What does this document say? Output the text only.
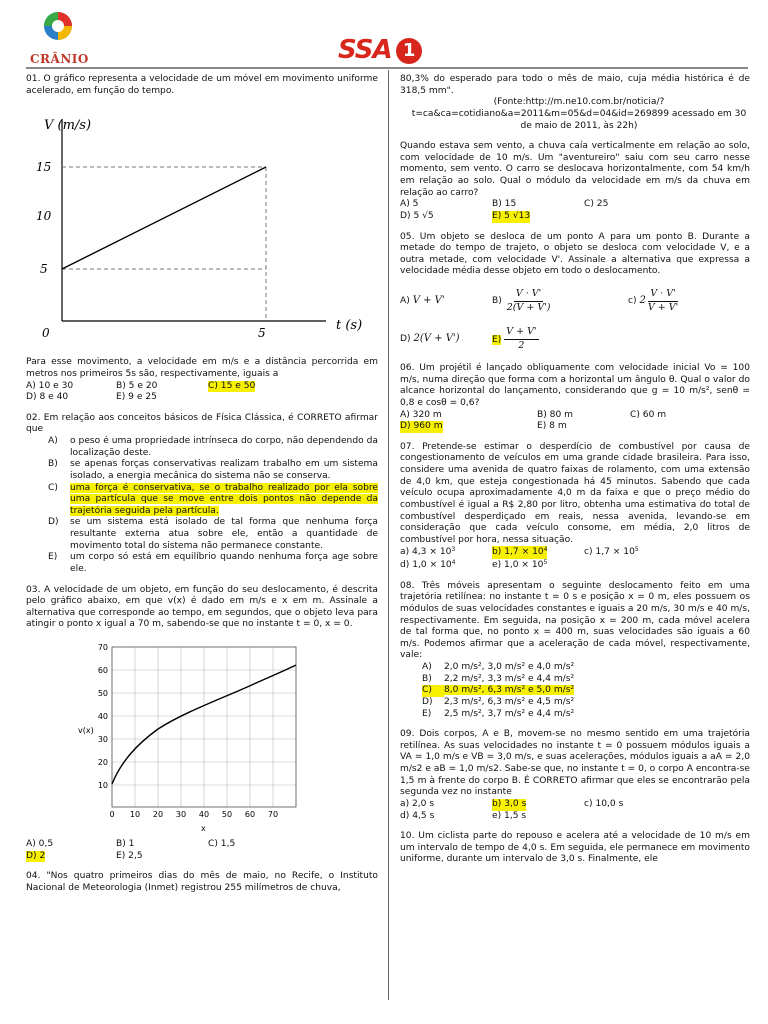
CRÂNIO	SSA 1

01. O gráfico representa a velocidade de um móvel em movimento uniforme acelerado, em função do tempo.

V (m/s)
t (s)
5
10
15
0	5

Para esse movimento, a velocidade em m/s e a distância percorrida em metros nos primeiros 5s são, respectivamente, iguais a

A) 10 e 30	B) 5 e 20	C) 15 e 50
D) 8 e 40	E) 9 e 25

02. Em relação aos conceitos básicos de Física Clássica, é CORRETO afirmar que

A)	o peso é uma propriedade intrínseca do corpo, não dependendo da localização deste.
B)	se apenas forças conservativas realizam trabalho em um sistema isolado, a energia mecânica do sistema não se conserva.
C)	uma força é conservativa, se o trabalho realizado por ela sobre uma partícula que se move entre dois pontos não depende da trajetória seguida pela partícula.
D)	se um sistema está isolado de tal forma que nenhuma força resultante externa atua sobre ele, então a quantidade de movimento total do sistema não permanece constante.
E)	um corpo só está em equilíbrio quando nenhuma força age sobre ele.

03. A velocidade de um objeto, em função do seu deslocamento, é descrita pelo gráfico abaixo, em que v(x) é dado em m/s e x em m. Assinale a alternativa que corresponde ao tempo, em segundos, que o objeto leva para atingir o ponto x igual a 70 m, sabendo-se que no instante t = 0, x = 0.

70
60
50
40
30
20
10
0 10 20 30 40 50 60 70
v(x)
x
A) 0,5	B) 1	C) 1,5
D) 2	E) 2,5

04. "Nos quatro primeiros dias do mês de maio, no Recife, o Instituto Nacional de Meteorologia (Inmet) registrou 255 milímetros de chuva,

80,3% do esperado para todo o mês de maio, cuja média histórica é de 318,5 mm".

(Fonte:http://m.ne10.com.br/noticia/?t=ca&ca=cotidiano&a=2011&m=05&d=04&id=269899 acessado em 30 de maio de 2011, às 22h)

Quando estava sem vento, a chuva caía verticalmente em relação ao solo, com velocidade de 10 m/s. Um "aventureiro" saiu com seu carro nesse momento, sem vento. O carro se deslocava horizontalmente, com 54 km/h em relação ao solo. Qual o módulo da velocidade em m/s da chuva em relação ao carro?

A) 5	B) 15	C) 25
D) 5 √5	E) 5 √13

05. Um objeto se desloca de um ponto A para um ponto B. Durante a metade do tempo de trajeto, o objeto se desloca com velocidade V, e a outra metade, com velocidade V'. Assinale a alternativa que expressa a velocidade média desse objeto em todo o deslocamento.

A) V + V'	$B) \frac{V \cdot V'}{2(V + V')}$	c) $2 \frac{V \cdot V'}{V + V'}$
D) 2(V + V')	$E) \frac{V + V'}{2}$

06. Um projétil é lançado obliquamente com velocidade inicial Vo = 100 m/s, numa direção que forma com a horizontal um ângulo θ. Qual o valor do alcance horizontal do lançamento, considerando que g = 10 m/s², senθ = 0,8 e cosθ = 0,6?

A) 320 m	B) 80 m	C) 60 m
D) 960 m	E) 8 m

07. Pretende-se estimar o desperdício de combustível por causa de congestionamento de veículos em uma grande cidade brasileira. Para isso, considere uma avenida de quatro faixas de rolamento, com uma extensão de 4,0 km, que esteja congestionada há 45 minutos. Sabendo que cada veículo ocupa aproximadamente 4,0 m da faixa e que o preço médio do combustível é igual a R$ 2,80 por litro, obtenha uma estimativa do total de combustível desperdiçado em reais, nessa avenida, levando-se em consideração que cada veículo consome, em média, 2,0 litros de combustível por hora, nessa situação.

a) $4,3 \times 10^3$	b) $1,7 \times 10^4$	c) $1,7 \times 10^5$
d) $1,0 \times 10^4$	e) $1,0 \times 10^5$

08. Três móveis apresentam o seguinte deslocamento feito em uma trajetória retilínea: no instante t = 0 s e posição x = 0 m, eles possuem os módulos de suas velocidades constantes e iguais a 20 m/s, 30 m/s e 40 m/s, respectivamente. Em seguida, na posição x = 200 m, cada móvel acelera de tal forma que, no ponto x = 400 m, suas velocidades são iguais a 60 m/s. Podemos afirmar que a aceleração de cada móvel, respectivamente, vale:

A)	2,0 m/s², 3,0 m/s² e 4,0 m/s²
B)	2,2 m/s², 3,3 m/s² e 4,4 m/s²
C)	8,0 m/s², 6,3 m/s² e 5,0 m/s²
D)	2,3 m/s², 6,3 m/s² e 4,5 m/s²
E)	2,5 m/s², 3,7 m/s² e 4,4 m/s²

09. Dois corpos, A e B, movem-se no mesmo sentido em uma trajetória retilínea. As suas velocidades no instante t = 0 possuem módulos iguais a VA = 1,0 m/s e VB = 3,0 m/s, e suas acelerações, módulos iguais a aA = 2,0 m/s2 e aB = 1,0 m/s2. Sabe-se que, no instante t = 0, o corpo A encontra-se 1,5 m à frente do corpo B. É CORRETO afirmar que eles se encontrarão pela segunda vez no instante

a) 2,0 s	b) 3,0 s	c) 10,0 s
d) 4,5 s	e) 1,5 s

10. Um ciclista parte do repouso e acelera até a velocidade de 10 m/s em um intervalo de tempo de 4,0 s. Em seguida, ele permanece em movimento uniforme, durante um intervalo de 3,0 s. Finalmente, ele
